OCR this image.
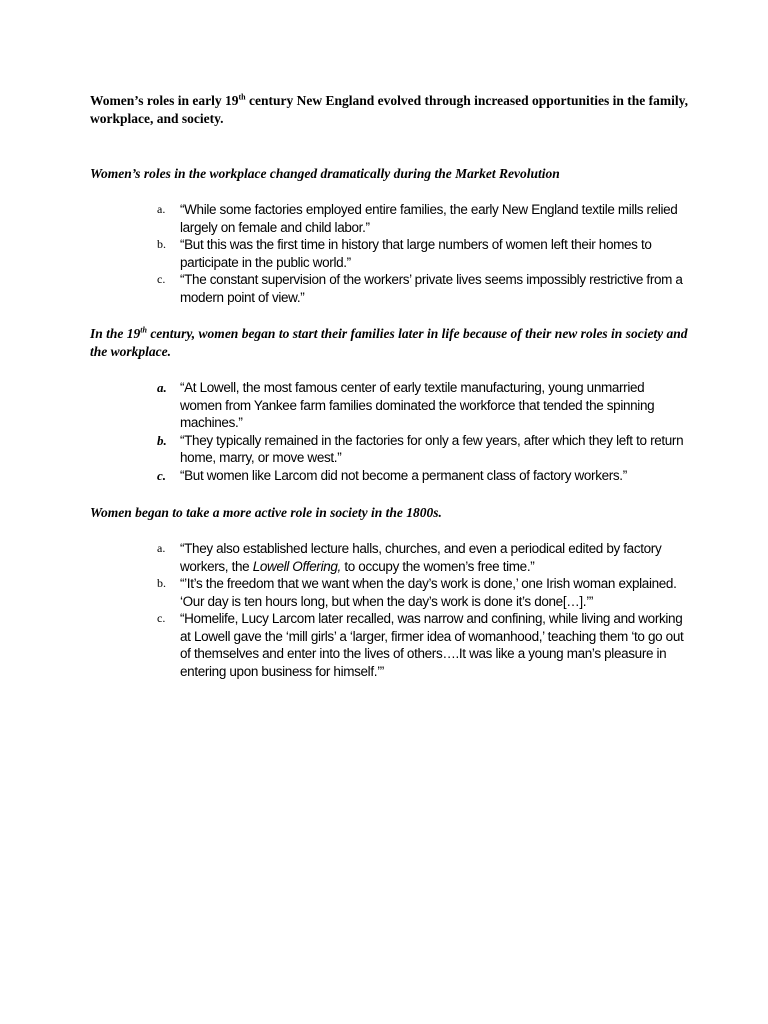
Women’s roles in early 19th century New England evolved through increased opportunities in the family, workplace, and society.

Women’s roles in the workplace changed dramatically during the Market Revolution

a. “While some factories employed entire families, the early New England textile mills relied largely on female and child labor.”
b. “But this was the first time in history that large numbers of women left their homes to participate in the public world.”
c. “The constant supervision of the workers’ private lives seems impossibly restrictive from a modern point of view.”

In the 19th century, women began to start their families later in life because of their new roles in society and the workplace.

a. “At Lowell, the most famous center of early textile manufacturing, young unmarried women from Yankee farm families dominated the workforce that tended the spinning machines.”
b. “They typically remained in the factories for only a few years, after which they left to return home, marry, or move west.”
c. “But women like Larcom did not become a permanent class of factory workers.”

Women began to take a more active role in society in the 1800s.

a. “They also established lecture halls, churches, and even a periodical edited by factory workers, the Lowell Offering, to occupy the women’s free time.”
b. “’It’s the freedom that we want when the day’s work is done,’ one Irish woman explained. ‘Our day is ten hours long, but when the day’s work is done it’s done[…].’”
c. “Homelife, Lucy Larcom later recalled, was narrow and confining, while living and working at Lowell gave the ‘mill girls’ a ‘larger, firmer idea of womanhood,’ teaching them ‘to go out of themselves and enter into the lives of others….It was like a young man’s pleasure in entering upon business for himself.’”
